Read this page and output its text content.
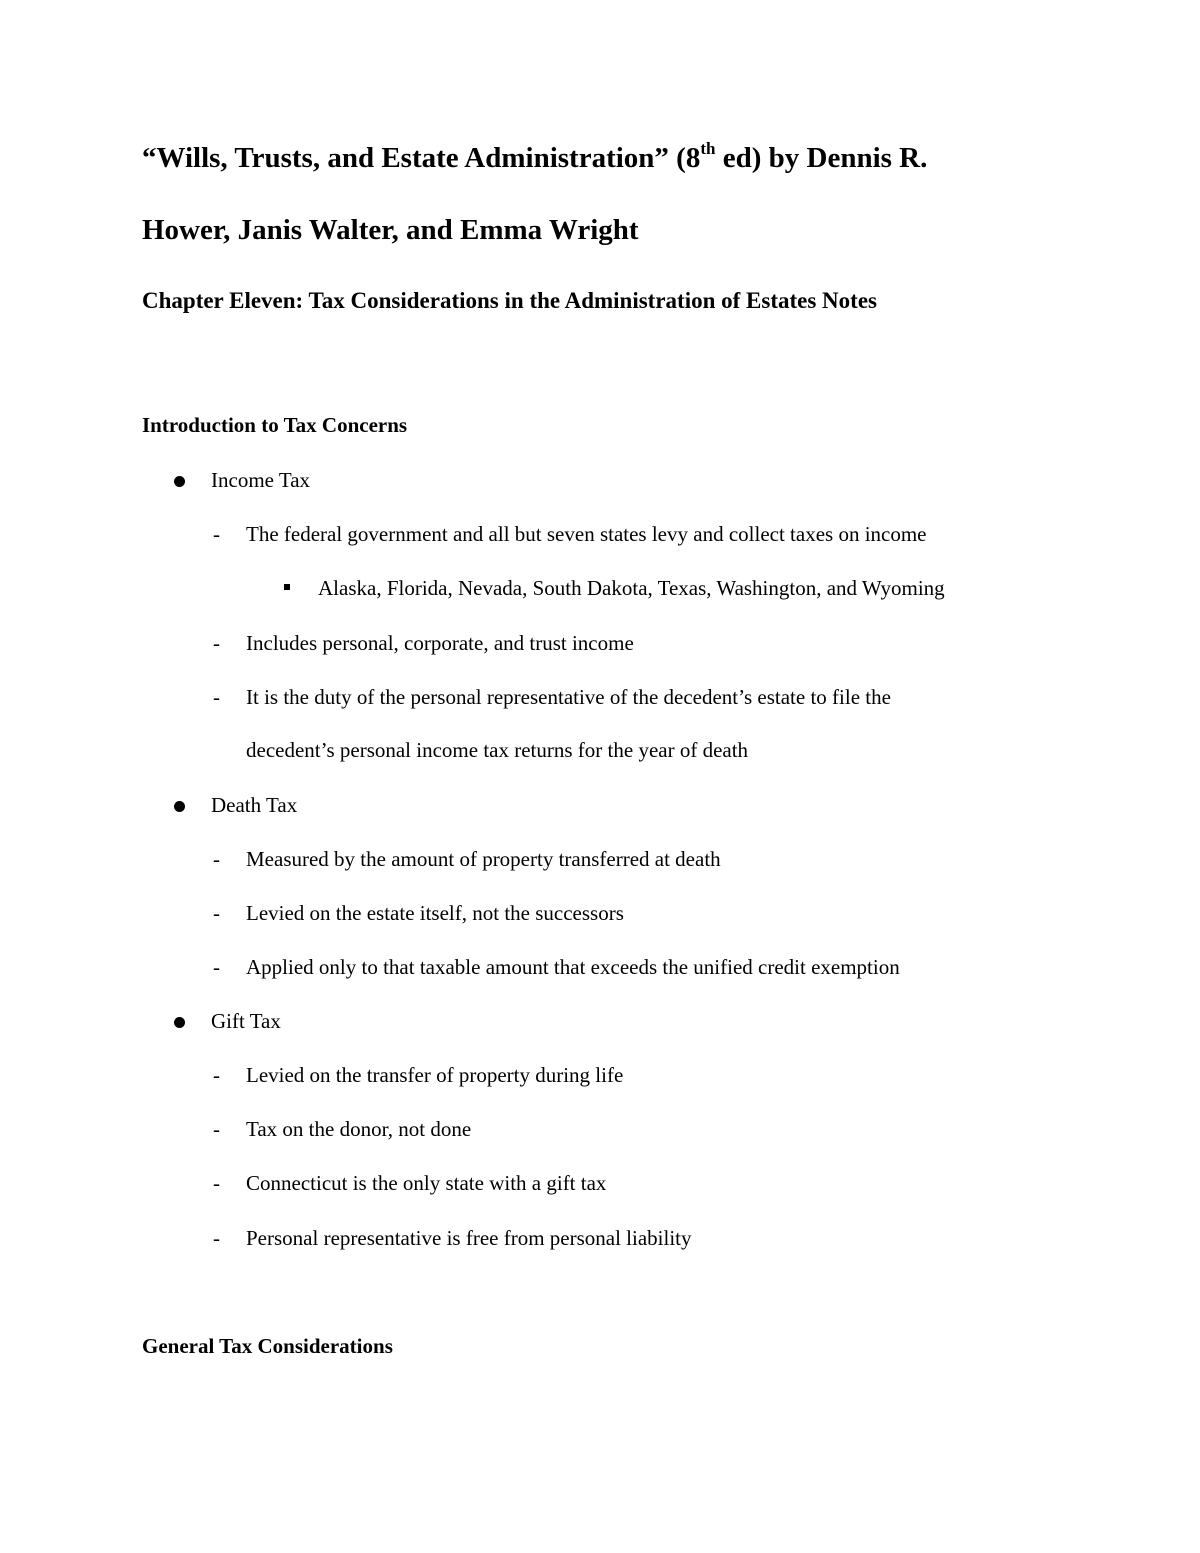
“Wills, Trusts, and Estate Administration” (8th ed) by Dennis R.
Hower, Janis Walter, and Emma Wright
Chapter Eleven: Tax Considerations in the Administration of Estates Notes
Introduction to Tax Concerns
Income Tax
- The federal government and all but seven states levy and collect taxes on income
Alaska, Florida, Nevada, South Dakota, Texas, Washington, and Wyoming
- Includes personal, corporate, and trust income
- It is the duty of the personal representative of the decedent’s estate to file the
decedent’s personal income tax returns for the year of death
Death Tax
- Measured by the amount of property transferred at death
- Levied on the estate itself, not the successors
- Applied only to that taxable amount that exceeds the unified credit exemption
Gift Tax
- Levied on the transfer of property during life
- Tax on the donor, not done
- Connecticut is the only state with a gift tax
- Personal representative is free from personal liability
General Tax Considerations
